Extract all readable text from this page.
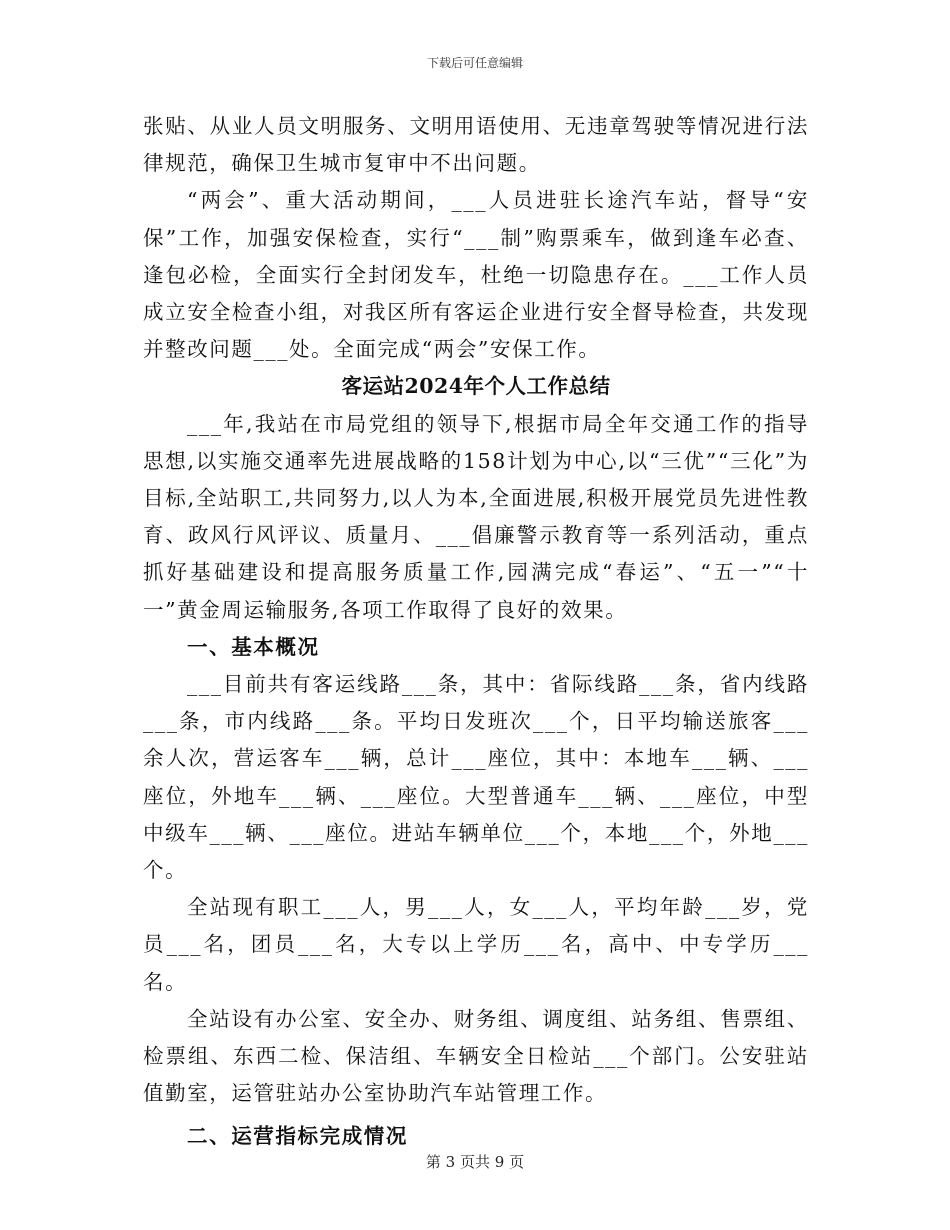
下载后可任意编辑

张贴、从业人员文明服务、文明用语使用、无违章驾驶等情况进行法律规范，确保卫生城市复审中不出问题。

“两会”、重大活动期间，___人员进驻长途汽车站，督导“安保”工作，加强安保检查，实行“___制”购票乘车，做到逢车必查、逢包必检，全面实行全封闭发车，杜绝一切隐患存在。___工作人员成立安全检查小组，对我区所有客运企业进行安全督导检查，共发现并整改问题___处。全面完成“两会”安保工作。

客运站2024年个人工作总结

___年,我站在市局党组的领导下,根据市局全年交通工作的指导思想,以实施交通率先进展战略的158计划为中心,以“三优”“三化”为目标,全站职工,共同努力,以人为本,全面进展,积极开展党员先进性教育、政风行风评议、质量月、___倡廉警示教育等一系列活动，重点抓好基础建设和提高服务质量工作,园满完成“春运”、“五一”“十一”黄金周运输服务,各项工作取得了良好的效果。

一、基本概况

___目前共有客运线路___条，其中：省际线路___条，省内线路___条，市内线路___条。平均日发班次___个，日平均输送旅客___余人次，营运客车___辆，总计___座位，其中：本地车___辆、___座位，外地车___辆、___座位。大型普通车___辆、___座位，中型中级车___辆、___座位。进站车辆单位___个，本地___个，外地___个。

全站现有职工___人，男___人，女___人，平均年龄___岁，党员___名，团员___名，大专以上学历___名，高中、中专学历___名。

全站设有办公室、安全办、财务组、调度组、站务组、售票组、检票组、东西二检、保洁组、车辆安全日检站___个部门。公安驻站值勤室，运管驻站办公室协助汽车站管理工作。

二、运营指标完成情况

第 3 页共 9 页
